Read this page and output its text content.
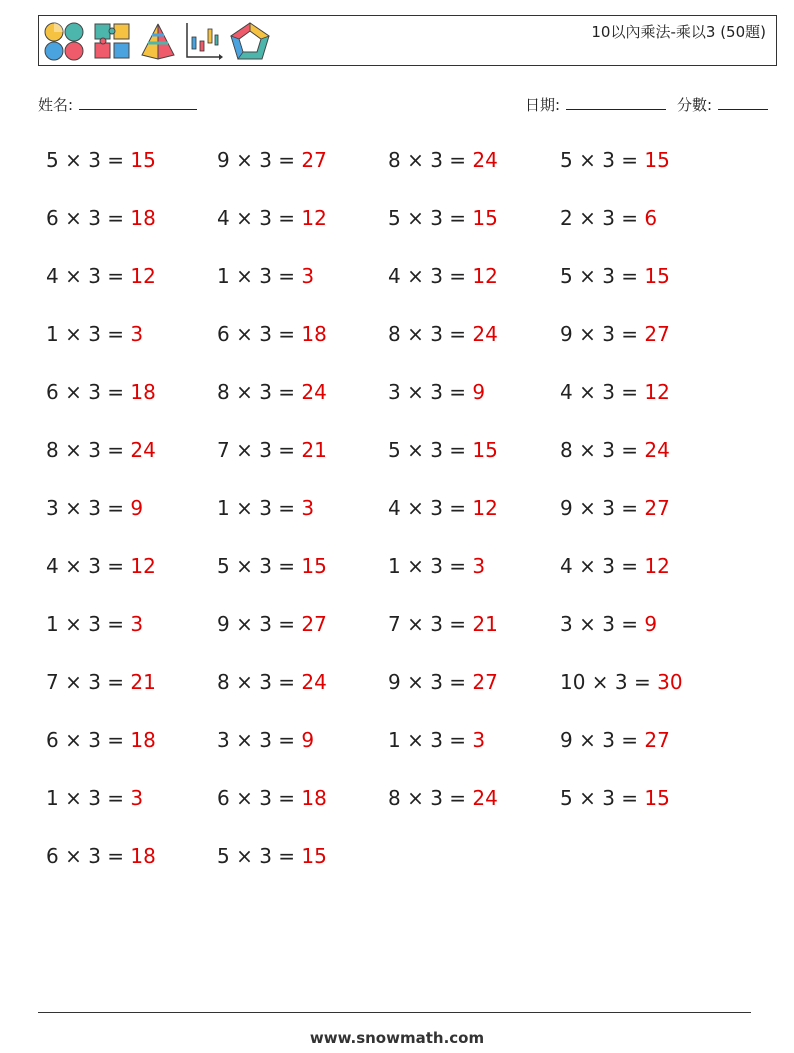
10以內乘法-乘以3 (50題)
姓名:	日期:	分數:
5 × 3 = 15	9 × 3 = 27	8 × 3 = 24	5 × 3 = 15
6 × 3 = 18	4 × 3 = 12	5 × 3 = 15	2 × 3 = 6
4 × 3 = 12	1 × 3 = 3	4 × 3 = 12	5 × 3 = 15
1 × 3 = 3	6 × 3 = 18	8 × 3 = 24	9 × 3 = 27
6 × 3 = 18	8 × 3 = 24	3 × 3 = 9	4 × 3 = 12
8 × 3 = 24	7 × 3 = 21	5 × 3 = 15	8 × 3 = 24
3 × 3 = 9	1 × 3 = 3	4 × 3 = 12	9 × 3 = 27
4 × 3 = 12	5 × 3 = 15	1 × 3 = 3	4 × 3 = 12
1 × 3 = 3	9 × 3 = 27	7 × 3 = 21	3 × 3 = 9
7 × 3 = 21	8 × 3 = 24	9 × 3 = 27	10 × 3 = 30
6 × 3 = 18	3 × 3 = 9	1 × 3 = 3	9 × 3 = 27
1 × 3 = 3	6 × 3 = 18	8 × 3 = 24	5 × 3 = 15
6 × 3 = 18	5 × 3 = 15
www.snowmath.com
